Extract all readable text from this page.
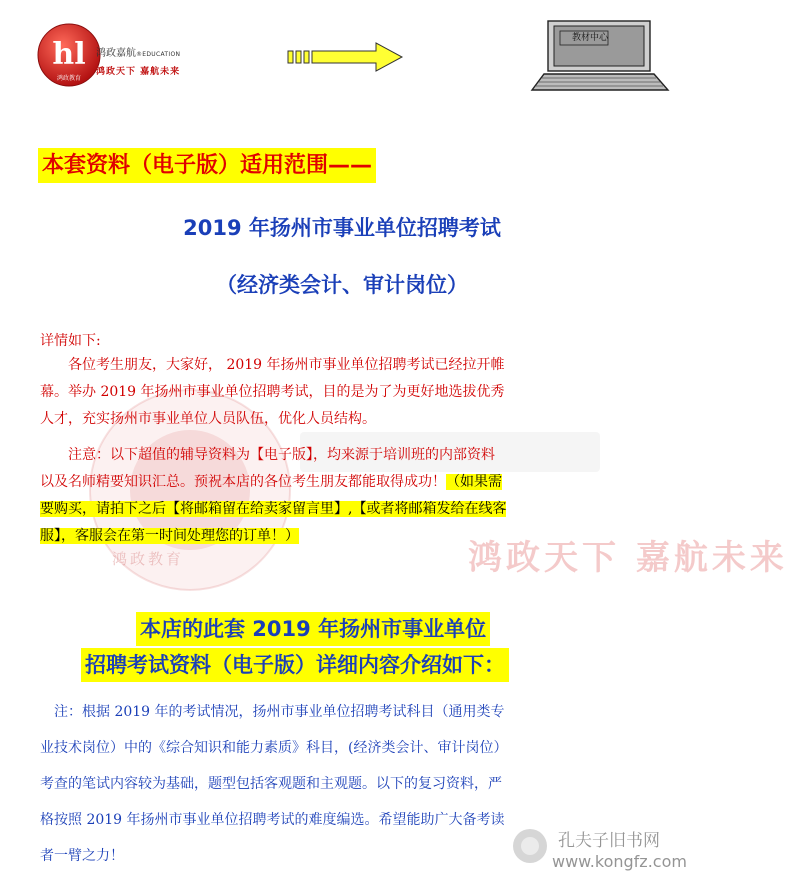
hl
鸿政教育
鸿政嘉航®EDUCATION
鸿政天下 嘉航未来
教材中心
本套资料（电子版）适用范围——
2019 年扬州市事业单位招聘考试
（经济类会计、审计岗位）
鸿政天下 嘉航未来
鸿政教育
详情如下:
　　各位考生朋友，大家好， 2019 年扬州市事业单位招聘考试已经拉开帷
幕。举办 2019 年扬州市事业单位招聘考试，目的是为了为更好地选拔优秀
人才，充实扬州市事业单位人员队伍，优化人员结构。
　　注意：以下超值的辅导资料为【电子版】，均来源于培训班的内部资料
以及名师精要知识汇总。预祝本店的各位考生朋友都能取得成功！（如果需
要购买，请拍下之后【将邮箱留在给卖家留言里】,【或者将邮箱发给在线客
服】，客服会在第一时间处理您的订单！）
本店的此套 2019 年扬州市事业单位
招聘考试资料（电子版）详细内容介绍如下：
　注：根据 2019 年的考试情况，扬州市事业单位招聘考试科目（通用类专
业技术岗位）中的《综合知识和能力素质》科目，(经济类会计、审计岗位）
考查的笔试内容较为基础，题型包括客观题和主观题。以下的复习资料，严
格按照 2019 年扬州市事业单位招聘考试的难度编选。希望能助广大备考读
者一臂之力！
孔夫子旧书网
www.kongfz.com
